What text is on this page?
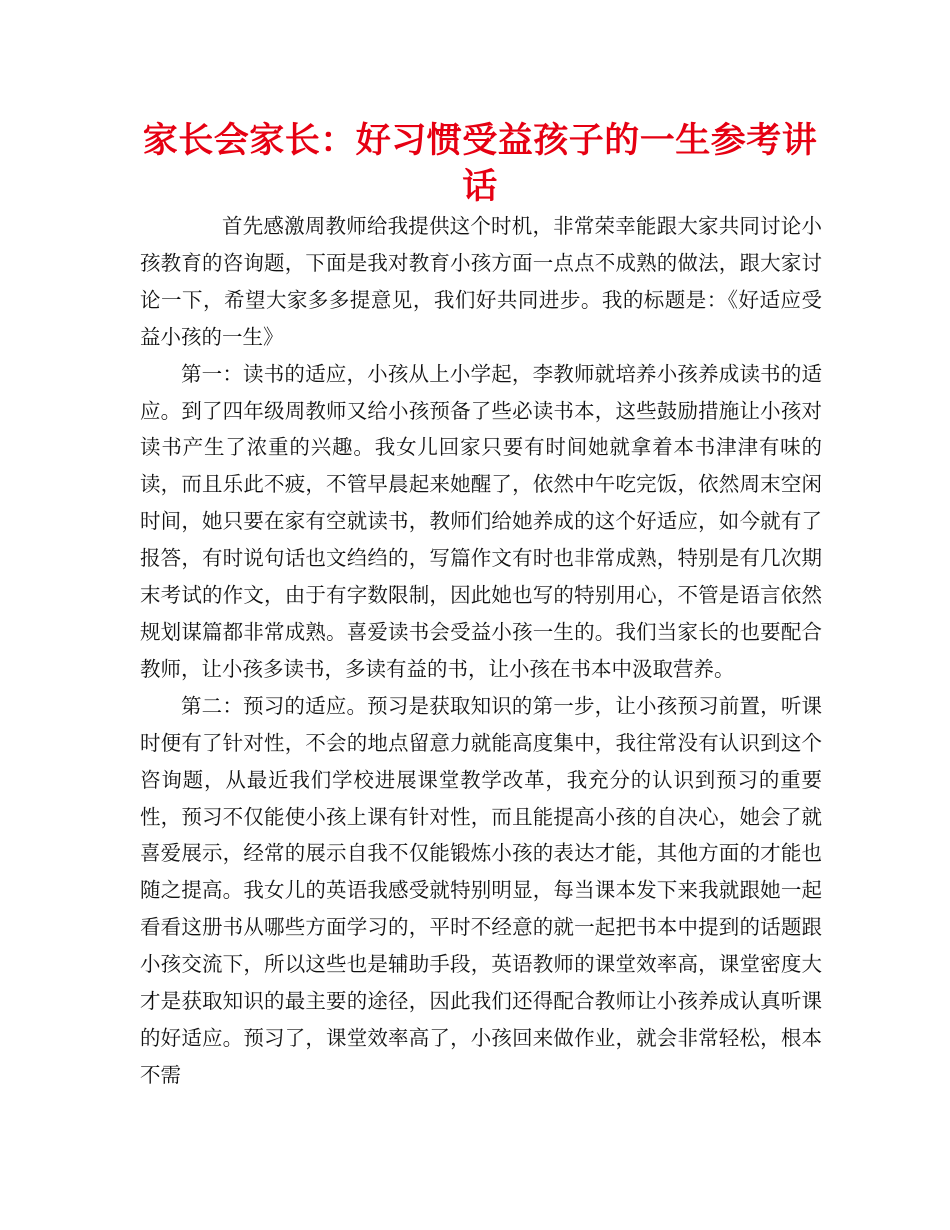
家长会家长：好习惯受益孩子的一生参考讲话

首先感激周教师给我提供这个时机，非常荣幸能跟大家共同讨论小孩教育的咨询题，下面是我对教育小孩方面一点点不成熟的做法，跟大家讨论一下，希望大家多多提意见，我们好共同进步。我的标题是：《好适应受益小孩的一生》

第一：读书的适应，小孩从上小学起，李教师就培养小孩养成读书的适应。到了四年级周教师又给小孩预备了些必读书本，这些鼓励措施让小孩对读书产生了浓重的兴趣。我女儿回家只要有时间她就拿着本书津津有味的读，而且乐此不疲，不管早晨起来她醒了，依然中午吃完饭，依然周末空闲时间，她只要在家有空就读书，教师们给她养成的这个好适应，如今就有了报答，有时说句话也文绉绉的，写篇作文有时也非常成熟，特别是有几次期末考试的作文，由于有字数限制，因此她也写的特别用心，不管是语言依然规划谋篇都非常成熟。喜爱读书会受益小孩一生的。我们当家长的也要配合教师，让小孩多读书，多读有益的书，让小孩在书本中汲取营养。

第二：预习的适应。预习是获取知识的第一步，让小孩预习前置，听课时便有了针对性，不会的地点留意力就能高度集中，我往常没有认识到这个咨询题，从最近我们学校进展课堂教学改革，我充分的认识到预习的重要性，预习不仅能使小孩上课有针对性，而且能提高小孩的自决心，她会了就喜爱展示，经常的展示自我不仅能锻炼小孩的表达才能，其他方面的才能也随之提高。我女儿的英语我感受就特别明显，每当课本发下来我就跟她一起看看这册书从哪些方面学习的，平时不经意的就一起把书本中提到的话题跟小孩交流下，所以这些也是辅助手段，英语教师的课堂效率高，课堂密度大才是获取知识的最主要的途径，因此我们还得配合教师让小孩养成认真听课的好适应。预习了，课堂效率高了，小孩回来做作业，就会非常轻松，根本不需
